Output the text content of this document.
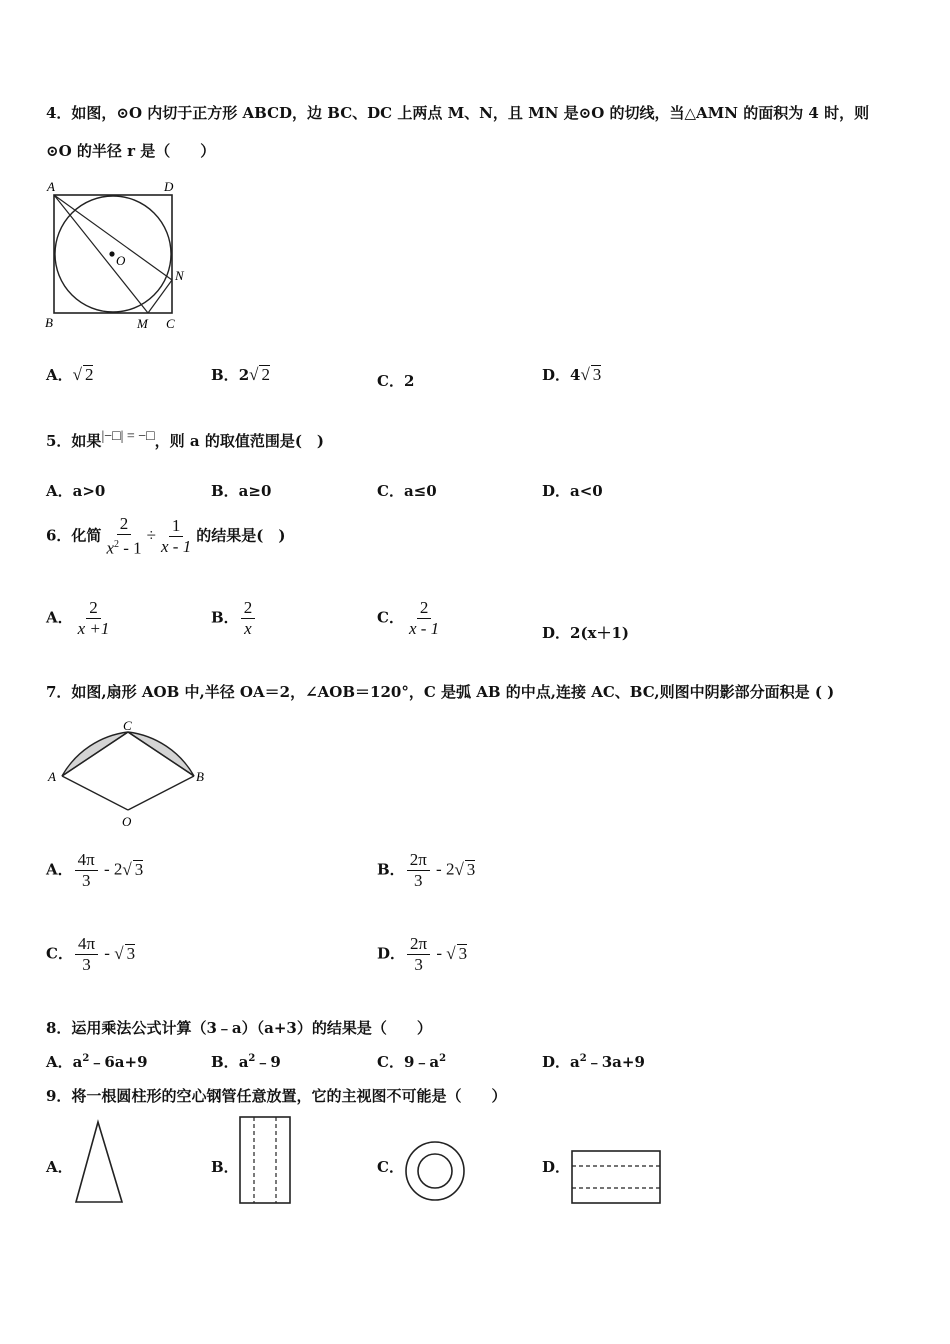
4．如图，⊙O 内切于正方形 ABCD，边 BC、DC 上两点 M、N，且 MN 是⊙O 的切线，当△AMN 的面积为 4 时，则
⊙O 的半径 r 是（　　）
A	D
B	C
M
N
O
A．√ 2	B．2√ 2	C．2	D．4√ 3
5．如果|−□| = −□，则 a 的取值范围是(　)
A．a>0	B．a≥0	C．a≤0	D．a<0
6．化简 $\frac{2}{x^2 - 1} \div \frac{1}{x - 1}$ 的结果是(　)
A． $\frac{2}{x +1}$	B． $\frac{2}{x}$	C． $\frac{2}{x - 1}$	D．2(x＋1)
7．如图,扇形 AOB 中,半径 OA＝2，∠AOB＝120°，C 是弧 AB 的中点,连接 AC、BC,则图中阴影部分面积是 ( )
A	B
C
O
A． $\frac{4\pi}{3} - 2√$ 3	B． $\frac{2\pi}{3} - 2√$ 3
C． $\frac{4\pi}{3}$ - √ 3	D． $\frac{2\pi}{3}$ - √ 3
8．运用乘法公式计算（3﹣a）（a+3）的结果是（　　）
A．$a^2﹣6a+9$	B．$a^2﹣9$	C．$9﹣a^2$	D．$a^2﹣3a+9$
9．将一根圆柱形的空心钢管任意放置，它的主视图不可能是（　　）
A．	B．	C．	D．
